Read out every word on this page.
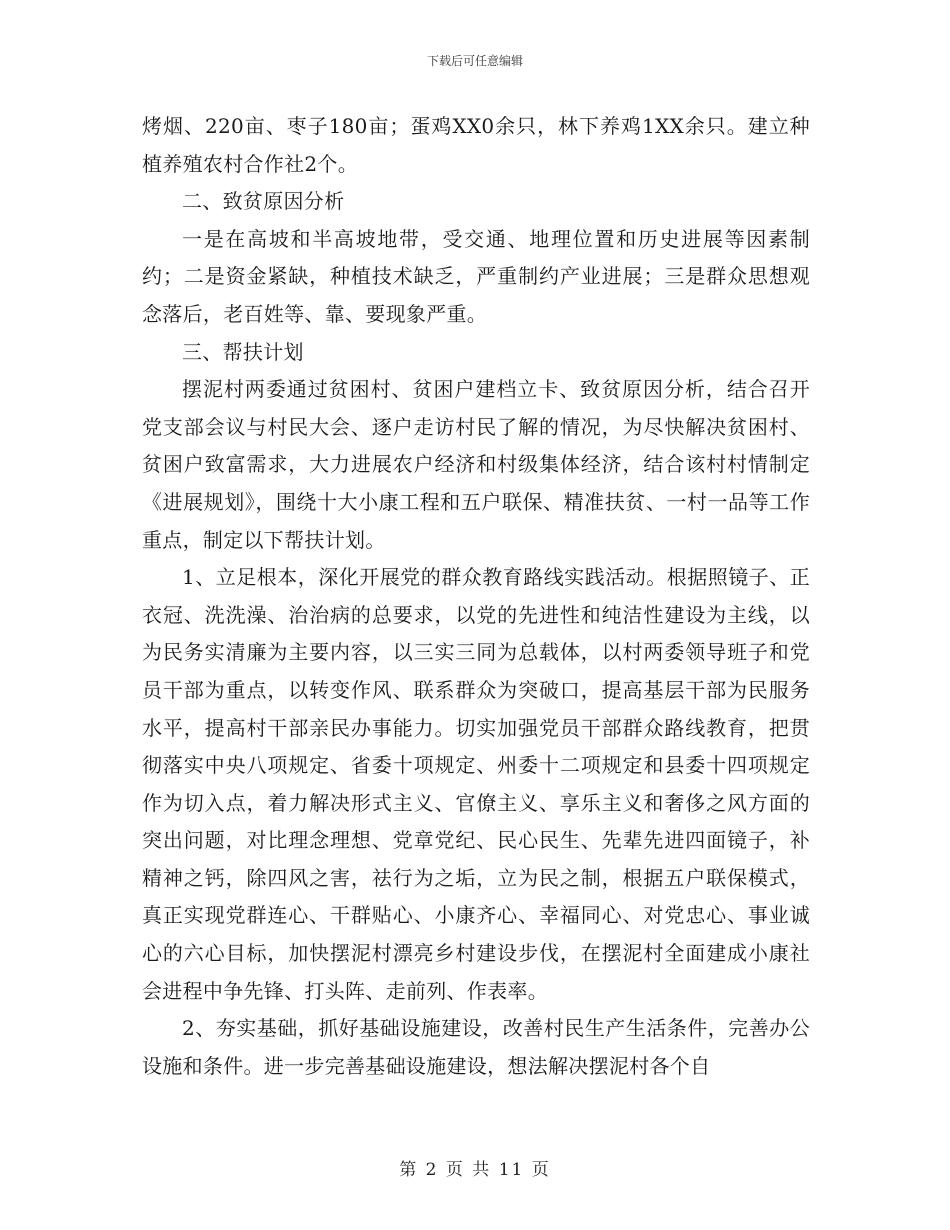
下载后可任意编辑

烤烟、220亩、枣子180亩；蛋鸡XX0余只，林下养鸡1XX余只。建立种植养殖农村合作社2个。

二、致贫原因分析

一是在高坡和半高坡地带，受交通、地理位置和历史进展等因素制约；二是资金紧缺，种植技术缺乏，严重制约产业进展；三是群众思想观念落后，老百姓等、靠、要现象严重。

三、帮扶计划

摆泥村两委通过贫困村、贫困户建档立卡、致贫原因分析，结合召开党支部会议与村民大会、逐户走访村民了解的情况，为尽快解决贫困村、贫困户致富需求，大力进展农户经济和村级集体经济，结合该村村情制定《进展规划》，围绕十大小康工程和五户联保、精准扶贫、一村一品等工作重点，制定以下帮扶计划。

1、立足根本，深化开展党的群众教育路线实践活动。根据照镜子、正衣冠、洗洗澡、治治病的总要求，以党的先进性和纯洁性建设为主线，以为民务实清廉为主要内容，以三实三同为总载体，以村两委领导班子和党员干部为重点，以转变作风、联系群众为突破口，提高基层干部为民服务水平，提高村干部亲民办事能力。切实加强党员干部群众路线教育，把贯彻落实中央八项规定、省委十项规定、州委十二项规定和县委十四项规定作为切入点，着力解决形式主义、官僚主义、享乐主义和奢侈之风方面的突出问题，对比理念理想、党章党纪、民心民生、先辈先进四面镜子，补精神之钙，除四风之害，祛行为之垢，立为民之制，根据五户联保模式，真正实现党群连心、干群贴心、小康齐心、幸福同心、对党忠心、事业诚心的六心目标，加快摆泥村漂亮乡村建设步伐，在摆泥村全面建成小康社会进程中争先锋、打头阵、走前列、作表率。

2、夯实基础，抓好基础设施建设，改善村民生产生活条件，完善办公设施和条件。进一步完善基础设施建设，想法解决摆泥村各个自

第 2 页 共 11 页
